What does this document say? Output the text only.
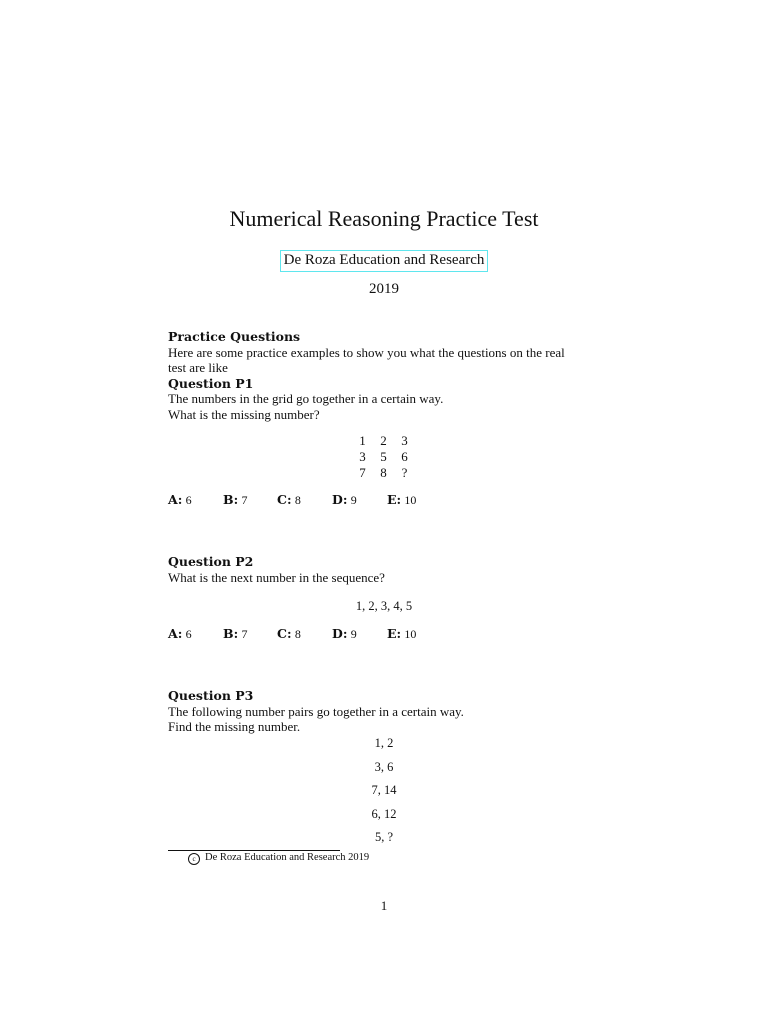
Numerical Reasoning Practice Test
De Roza Education and Research
2019
Practice Questions
Here are some practice examples to show you what the questions on the real
test are like
Question P1
The numbers in the grid go together in a certain way.
What is the missing number?
1	2	3
3	5	6
7	8	?
A: 6	B: 7 C: 8 D: 9 E: 10
Question P2
What is the next number in the sequence?
1, 2, 3, 4, 5
A: 6	B: 7 C: 8 D: 9 E: 10
Question P3
The following number pairs go together in a certain way.
Find the missing number.
1, 2
3, 6
7, 14
6, 12
5, ?
c De Roza Education and Research 2019
1
